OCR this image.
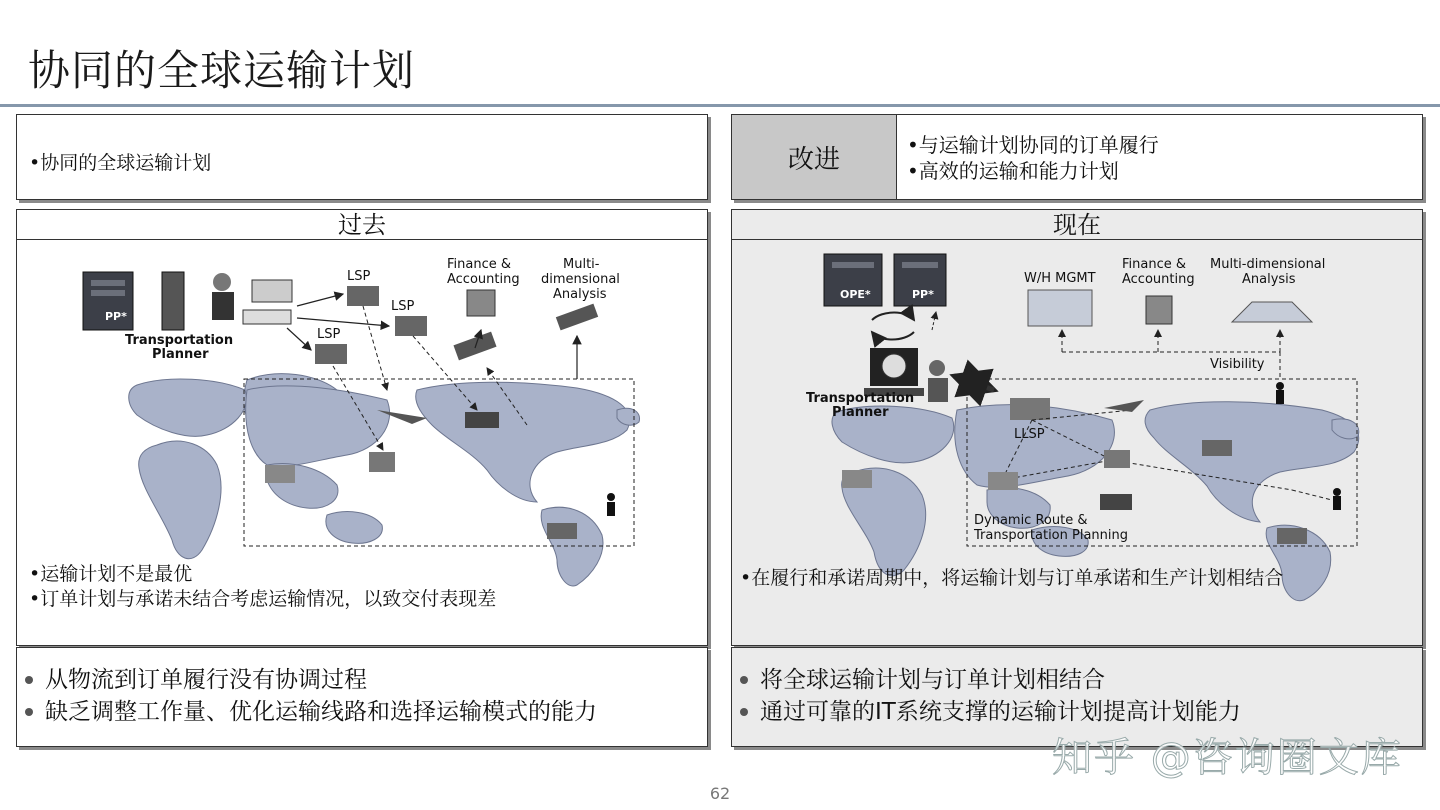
协同的全球运输计划
•协同的全球运输计划	改进	•与运输计划协同的订单履行
•高效的运输和能力计划
过去
PP*
Transportation
Planner
LSP
LSP
LSP
Finance &
Accounting
Multi-
dimensional
Analysis
•运输计划不是最优
•订单计划与承诺未结合考虑运输情况，以致交付表现差
现在
OPE*	PP*
Transportation
Planner
LLSP
W/H MGMT
Finance &
Accounting
Multi-dimensional
Analysis
Visibility
Dynamic Route &
Transportation Planning
•在履行和承诺周期中，将运输计划与订单承诺和生产计划相结合
从物流到订单履行没有协调过程
缺乏调整工作量、优化运输线路和选择运输模式的能力
将全球运输计划与订单计划相结合
通过可靠的IT系统支撑的运输计划提高计划能力
知乎 @咨询圈文库
62
